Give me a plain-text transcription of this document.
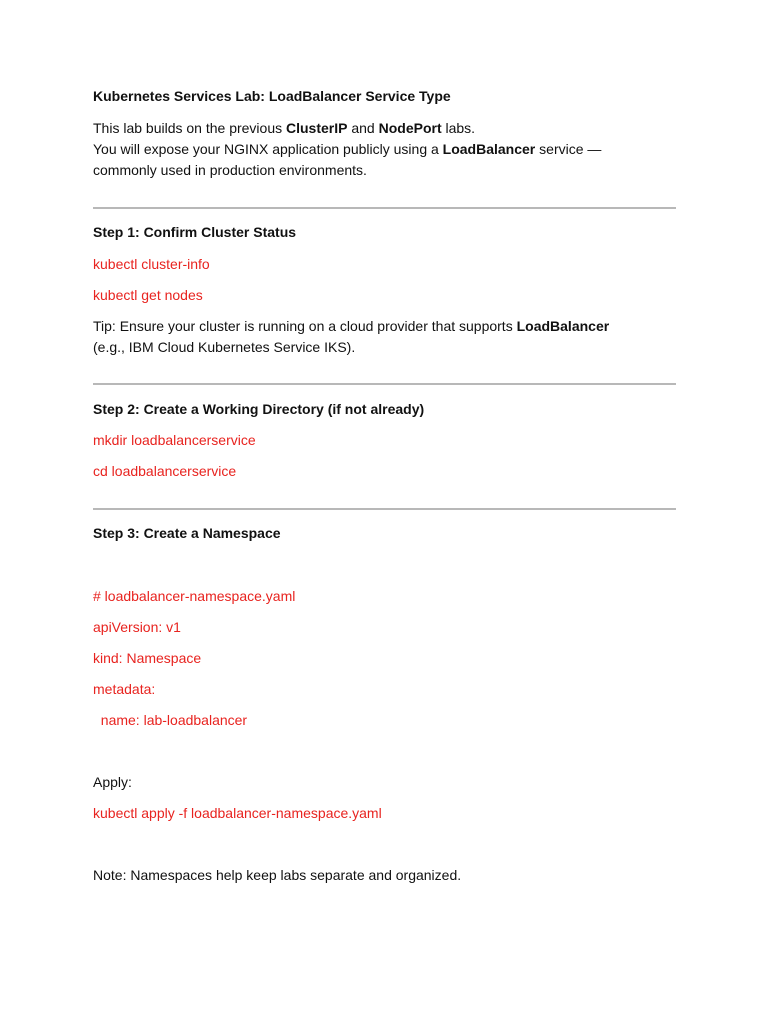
Kubernetes Services Lab: LoadBalancer Service Type
This lab builds on the previous ClusterIP and NodePort labs.
You will expose your NGINX application publicly using a LoadBalancer service —
commonly used in production environments.
Step 1: Confirm Cluster Status
kubectl cluster-info
kubectl get nodes
Tip: Ensure your cluster is running on a cloud provider that supports LoadBalancer
(e.g., IBM Cloud Kubernetes Service IKS).
Step 2: Create a Working Directory (if not already)
mkdir loadbalancerservice
cd loadbalancerservice
Step 3: Create a Namespace
# loadbalancer-namespace.yaml
apiVersion: v1
kind: Namespace
metadata:
name: lab-loadbalancer
Apply:
kubectl apply -f loadbalancer-namespace.yaml
Note: Namespaces help keep labs separate and organized.
